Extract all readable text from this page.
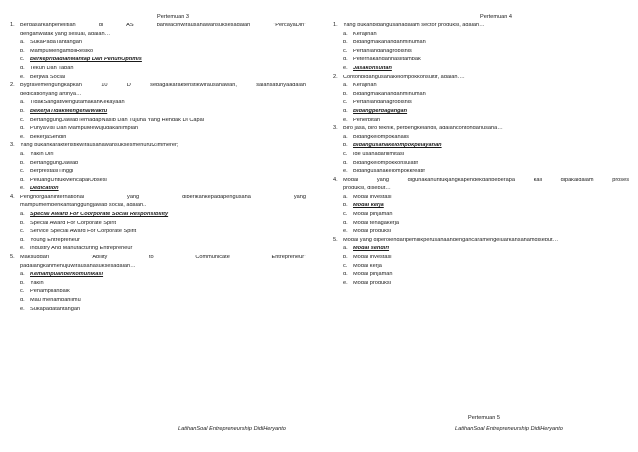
Pertemuan 3
1. Berdasarkanpenelitian	di	AS	bahwaciriwirausahawansuksesadalah	“PercayaDiri”
denganwatak yang sesuai, adalah…
a. SukaPadaTantangan
b. MampuMengambilResiko
c. BerkepribadianMantap Dan PenuhOptimis
d. Tekun Dan Tabah
e. Berjiwa Social
2. Bygravemengungkapkan	10	D	sebagaikarakteristikwirausahawan,	salahsatunyaadalah
dedicationyang artinya…
a. TidakSangatMengutamakanKekayaan
b. BekerjaTidakMengenalWaktu
c. BertanggungJawabTerhadapNasib Dan Tujuna Yang Hendak Di Capai
d. PunyaVisi Dan MampuMewujudakanImpian
e. BekerjaSendiri
3. Yang bukankarakteristikwirausahawansuksesmenurutZimmerer;
a. Yakin Diri
b. BertanggungJawab
c. BerprestasiTinggi
d. PeluangUntukMencapaiObsesi
e. Dedication
4. Penghorgaaninternational	yang	diberikankepadapengusaha	yang
mampumemberikantanggungjawab social, adalah..
a. Special Award For Coorporate Social Responsibility
b. Special Award For Corporate Spirit
c. Service Special Award For Corporate Spirit
d. Young Entrepreneur
e. Industry And Manufacturing Entrepreneur
5. Maksuddari	“Ability	to	Communicate	Entrepreneur”
padalangkahmenujuwirausahasuksesadalah…
a. Kemampuanberkomunikasi
b. Yakin
c. Penampilanbaik
d. Mau menambahilmu
e. Sukapadatantangan
Pertemuan 4
1. Yang bukanbidangusahadalam sector produksi, adalah…
a. Kerajinan
b. Bidangmakanandanminuman
c. Pertaniandanagrobisnis
d. Peternakandanhasiltambak
e. Jasakonsultan
2. Contohbidangusahakelompokkonsultif, adalah….
a. Kerajinan
b. Bidangmakanandanminuman
c. Pertaniandanagrobisnis
d. Bidangperdagangan
e. Penerbitan
3. Biro jasa, biro teknik, perbengkelandll, adalahcontohdariusaha…
a. Bidangkelompokanalis
b. Bidangusahakelompokpelayanan
c. Ide usahadarilimitasi
d. Bidangkelompokkonsulatif
e. Bidangusahakelompokkreatif
4. Modal	yang	digunakanuntukjangkapendekdanbeberapa	kali	dipakaidalam	proses
produksi, disebut…
a. Modal investasi
b. Modal kerja
c. Modal pinjaman
d. Modal tenagakerja
e. Modal produksi
5. Modal yang diperolehdaripemilikperusahaandengancaramengeluarkansahamdisebut…
a. Modal sendiri
b. Modal investasi
c. Modal kerja
d. Modal pinjaman
e. Modal produksi
Pertemuan 5
LatihanSoal Entrepreneurship DidiHeryanto	LatihanSoal Entrepreneurship DidiHeryanto
